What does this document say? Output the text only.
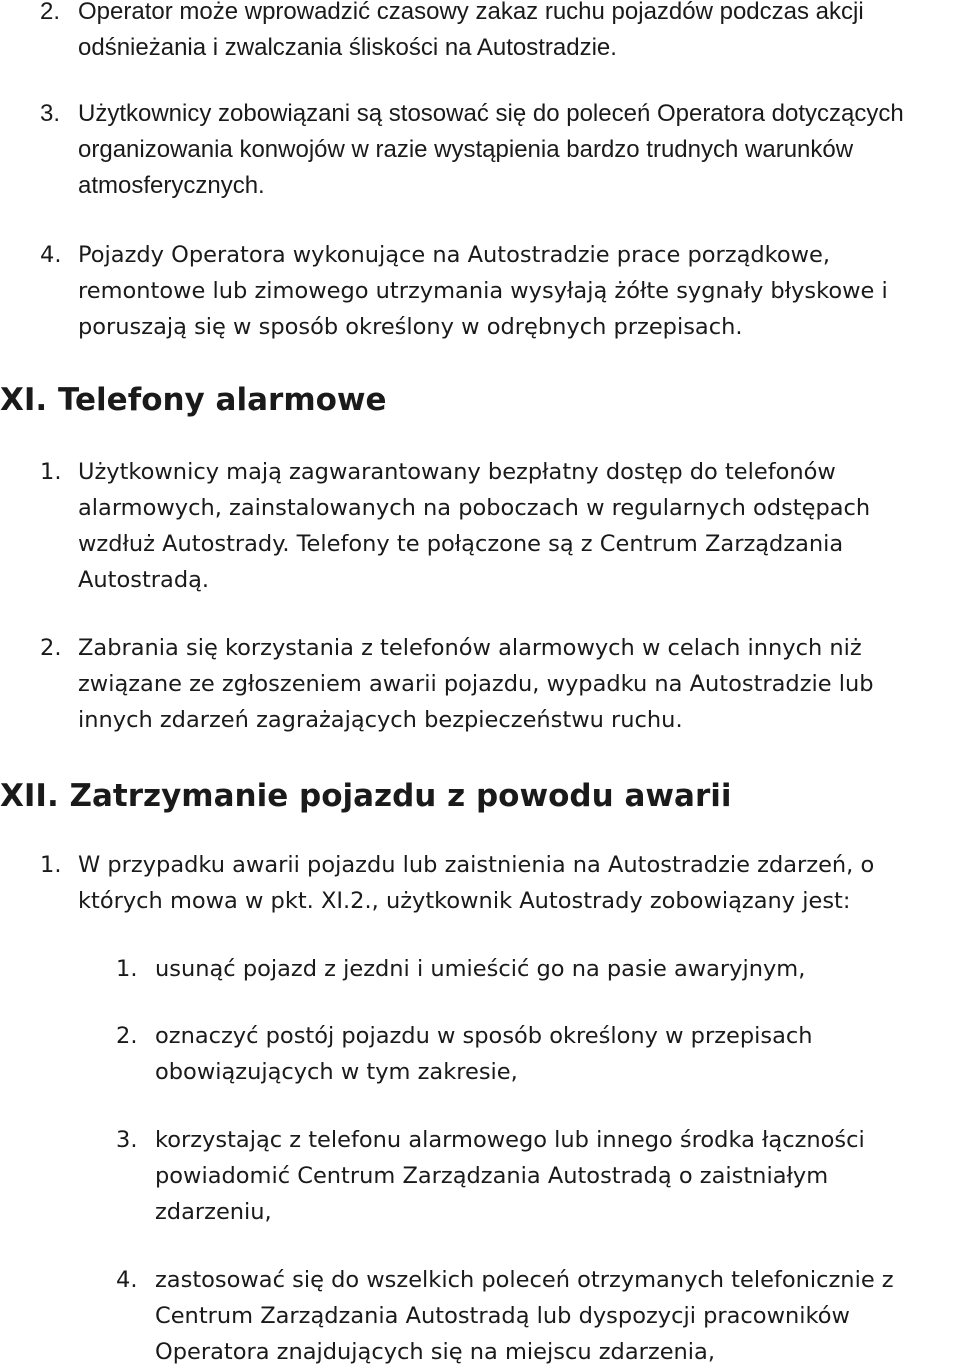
2. Operator może wprowadzić czasowy zakaz ruchu pojazdów podczas akcji odśnieżania i zwalczania śliskości na Autostradzie.
3. Użytkownicy zobowiązani są stosować się do poleceń Operatora dotyczących organizowania konwojów w razie wystąpienia bardzo trudnych warunków atmosferycznych.
4. Pojazdy Operatora wykonujące na Autostradzie prace porządkowe, remontowe lub zimowego utrzymania wysyłają żółte sygnały błyskowe i poruszają się w sposób określony w odrębnych przepisach.
XI. Telefony alarmowe
1. Użytkownicy mają zagwarantowany bezpłatny dostęp do telefonów alarmowych, zainstalowanych na poboczach w regularnych odstępach wzdłuż Autostrady. Telefony te połączone są z Centrum Zarządzania Autostradą.
2. Zabrania się korzystania z telefonów alarmowych w celach innych niż związane ze zgłoszeniem awarii pojazdu, wypadku na Autostradzie lub innych zdarzeń zagrażających bezpieczeństwu ruchu.
XII. Zatrzymanie pojazdu z powodu awarii
1. W przypadku awarii pojazdu lub zaistnienia na Autostradzie zdarzeń, o których mowa w pkt. XI.2., użytkownik Autostrady zobowiązany jest:
1. usunąć pojazd z jezdni i umieścić go na pasie awaryjnym,
2. oznaczyć postój pojazdu w sposób określony w przepisach obowiązujących w tym zakresie,
3. korzystając z telefonu alarmowego lub innego środka łączności powiadomić Centrum Zarządzania Autostradą o zaistniałym zdarzeniu,
4. zastosować się do wszelkich poleceń otrzymanych telefonicznie z Centrum Zarządzania Autostradą lub dyspozycji pracowników Operatora znajdujących się na miejscu zdarzenia,
